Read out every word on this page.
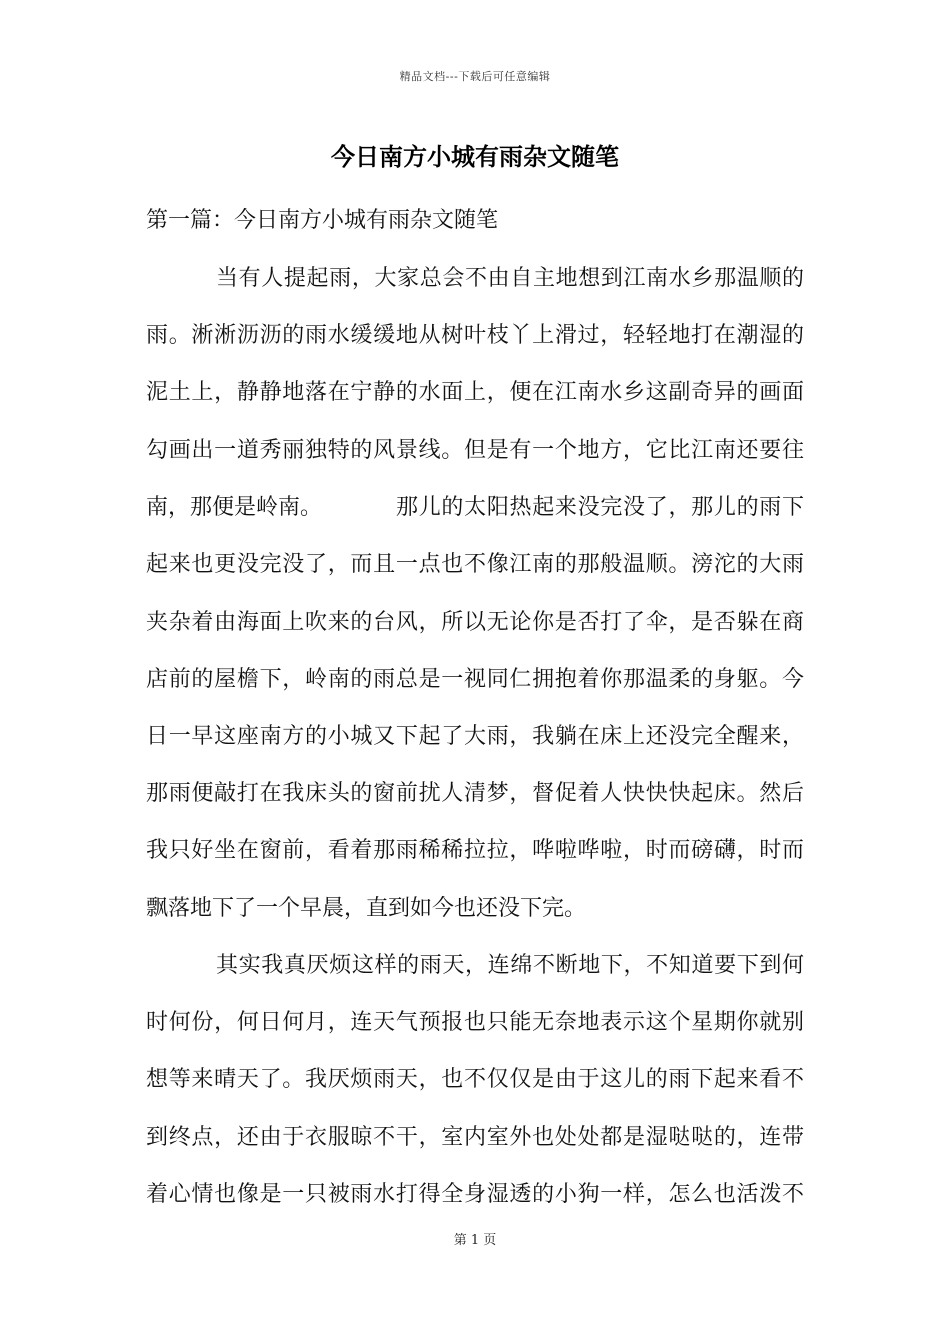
精品文档---下载后可任意编辑
今日南方小城有雨杂文随笔
第一篇：今日南方小城有雨杂文随笔
当有人提起雨，大家总会不由自主地想到江南水乡那温顺的
雨。淅淅沥沥的雨水缓缓地从树叶枝丫上滑过，轻轻地打在潮湿的
泥土上，静静地落在宁静的水面上，便在江南水乡这副奇异的画面
勾画出一道秀丽独特的风景线。但是有一个地方，它比江南还要往
南，那便是岭南。	那儿的太阳热起来没完没了，那儿的雨下
起来也更没完没了，而且一点也不像江南的那般温顺。滂沱的大雨
夹杂着由海面上吹来的台风，所以无论你是否打了伞，是否躲在商
店前的屋檐下，岭南的雨总是一视同仁拥抱着你那温柔的身躯。今
日一早这座南方的小城又下起了大雨，我躺在床上还没完全醒来，
那雨便敲打在我床头的窗前扰人清梦，督促着人快快快起床。然后
我只好坐在窗前，看着那雨稀稀拉拉，哗啦哗啦，时而磅礴，时而
飘落地下了一个早晨，直到如今也还没下完。
其实我真厌烦这样的雨天，连绵不断地下，不知道要下到何
时何份，何日何月，连天气预报也只能无奈地表示这个星期你就别
想等来晴天了。我厌烦雨天，也不仅仅是由于这儿的雨下起来看不
到终点，还由于衣服晾不干，室内室外也处处都是湿哒哒的，连带
着心情也像是一只被雨水打得全身湿透的小狗一样，怎么也活泼不
第 1 页
